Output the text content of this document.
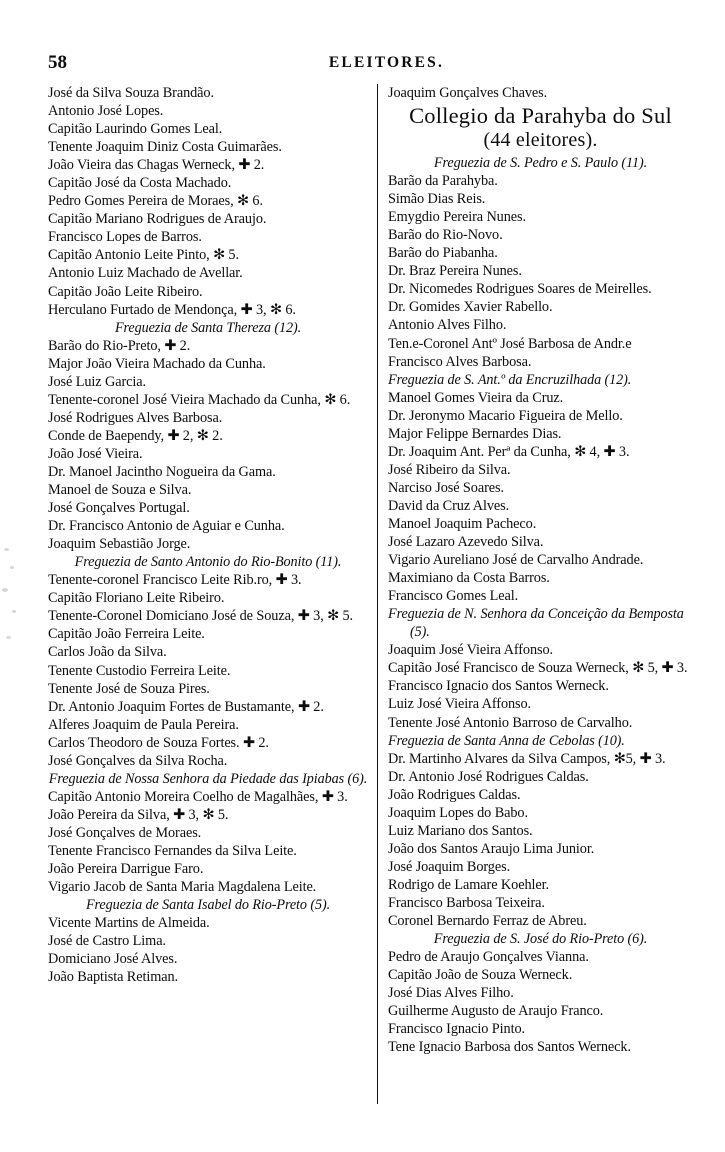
58	ELEITORES.
José da Silva Souza Brandão.
Antonio José Lopes.
Capitão Laurindo Gomes Leal.
Tenente Joaquim Diniz Costa Guimarães.
João Vieira das Chagas Werneck, ✚ 2.
Capitão José da Costa Machado.
Pedro Gomes Pereira de Moraes, ✻ 6.
Capitão Mariano Rodrigues de Araujo.
Francisco Lopes de Barros.
Capitão Antonio Leite Pinto, ✻ 5.
Antonio Luiz Machado de Avellar.
Capitão João Leite Ribeiro.
Herculano Furtado de Mendonça, ✚ 3, ✻ 6.
Freguezia de Santa Thereza (12).
Barão do Rio-Preto, ✚ 2.
Major João Vieira Machado da Cunha.
José Luiz Garcia.
Tenente-coronel José Vieira Machado da Cunha, ✻ 6.
José Rodrigues Alves Barbosa.
Conde de Baependy, ✚ 2, ✻ 2.
João José Vieira.
Dr. Manoel Jacintho Nogueira da Gama.
Manoel de Souza e Silva.
José Gonçalves Portugal.
Dr. Francisco Antonio de Aguiar e Cunha.
Joaquim Sebastião Jorge.
Freguezia de Santo Antonio do Rio-Bonito (11).
Tenente-coronel Francisco Leite Rib.ro, ✚ 3.
Capitão Floriano Leite Ribeiro.
Tenente-Coronel Domiciano José de Souza, ✚ 3, ✻ 5.
Capitão João Ferreira Leite.
Carlos João da Silva.
Tenente Custodio Ferreira Leite.
Tenente José de Souza Pires.
Dr. Antonio Joaquim Fortes de Bustamante, ✚ 2.
Alferes Joaquim de Paula Pereira.
Carlos Theodoro de Souza Fortes. ✚ 2.
José Gonçalves da Silva Rocha.
Freguezia de Nossa Senhora da Piedade das Ipiabas (6).
Capitão Antonio Moreira Coelho de Magalhães, ✚ 3.
João Pereira da Silva, ✚ 3, ✻ 5.
José Gonçalves de Moraes.
Tenente Francisco Fernandes da Silva Leite.
João Pereira Darrigue Faro.
Vigario Jacob de Santa Maria Magdalena Leite.
Freguezia de Santa Isabel do Rio-Preto (5).
Vicente Martins de Almeida.
José de Castro Lima.
Domiciano José Alves.
João Baptista Retiman.
Joaquim Gonçalves Chaves.
Collegio da Parahyba do Sul
(44 eleitores).
Freguezia de S. Pedro e S. Paulo (11).
Barão da Parahyba.
Simão Dias Reis.
Emygdio Pereira Nunes.
Barão do Rio-Novo.
Barão do Piabanha.
Dr. Braz Pereira Nunes.
Dr. Nicomedes Rodrigues Soares de Meirelles.
Dr. Gomides Xavier Rabello.
Antonio Alves Filho.
Ten.e-Coronel Antº José Barbosa de Andr.e
Francisco Alves Barbosa.
Freguezia de S. Ant.º da Encruzilhada (12).
Manoel Gomes Vieira da Cruz.
Dr. Jeronymo Macario Figueira de Mello.
Major Felippe Bernardes Dias.
Dr. Joaquim Ant. Perª da Cunha, ✻ 4, ✚ 3.
José Ribeiro da Silva.
Narciso José Soares.
David da Cruz Alves.
Manoel Joaquim Pacheco.
José Lazaro Azevedo Silva.
Vigario Aureliano José de Carvalho Andrade.
Maximiano da Costa Barros.
Francisco Gomes Leal.
Freguezia de N. Senhora da Conceição da Bemposta (5).
Joaquim José Vieira Affonso.
Capitão José Francisco de Souza Werneck, ✻ 5, ✚ 3.
Francisco Ignacio dos Santos Werneck.
Luiz José Vieira Affonso.
Tenente José Antonio Barroso de Carvalho.
Freguezia de Santa Anna de Cebolas (10).
Dr. Martinho Alvares da Silva Campos, ✻5, ✚ 3.
Dr. Antonio José Rodrigues Caldas.
João Rodrigues Caldas.
Joaquim Lopes do Babo.
Luiz Mariano dos Santos.
João dos Santos Araujo Lima Junior.
José Joaquim Borges.
Rodrigo de Lamare Koehler.
Francisco Barbosa Teixeira.
Coronel Bernardo Ferraz de Abreu.
Freguezia de S. José do Rio-Preto (6).
Pedro de Araujo Gonçalves Vianna.
Capitão João de Souza Werneck.
José Dias Alves Filho.
Guilherme Augusto de Araujo Franco.
Francisco Ignacio Pinto.
Tene Ignacio Barbosa dos Santos Werneck.
